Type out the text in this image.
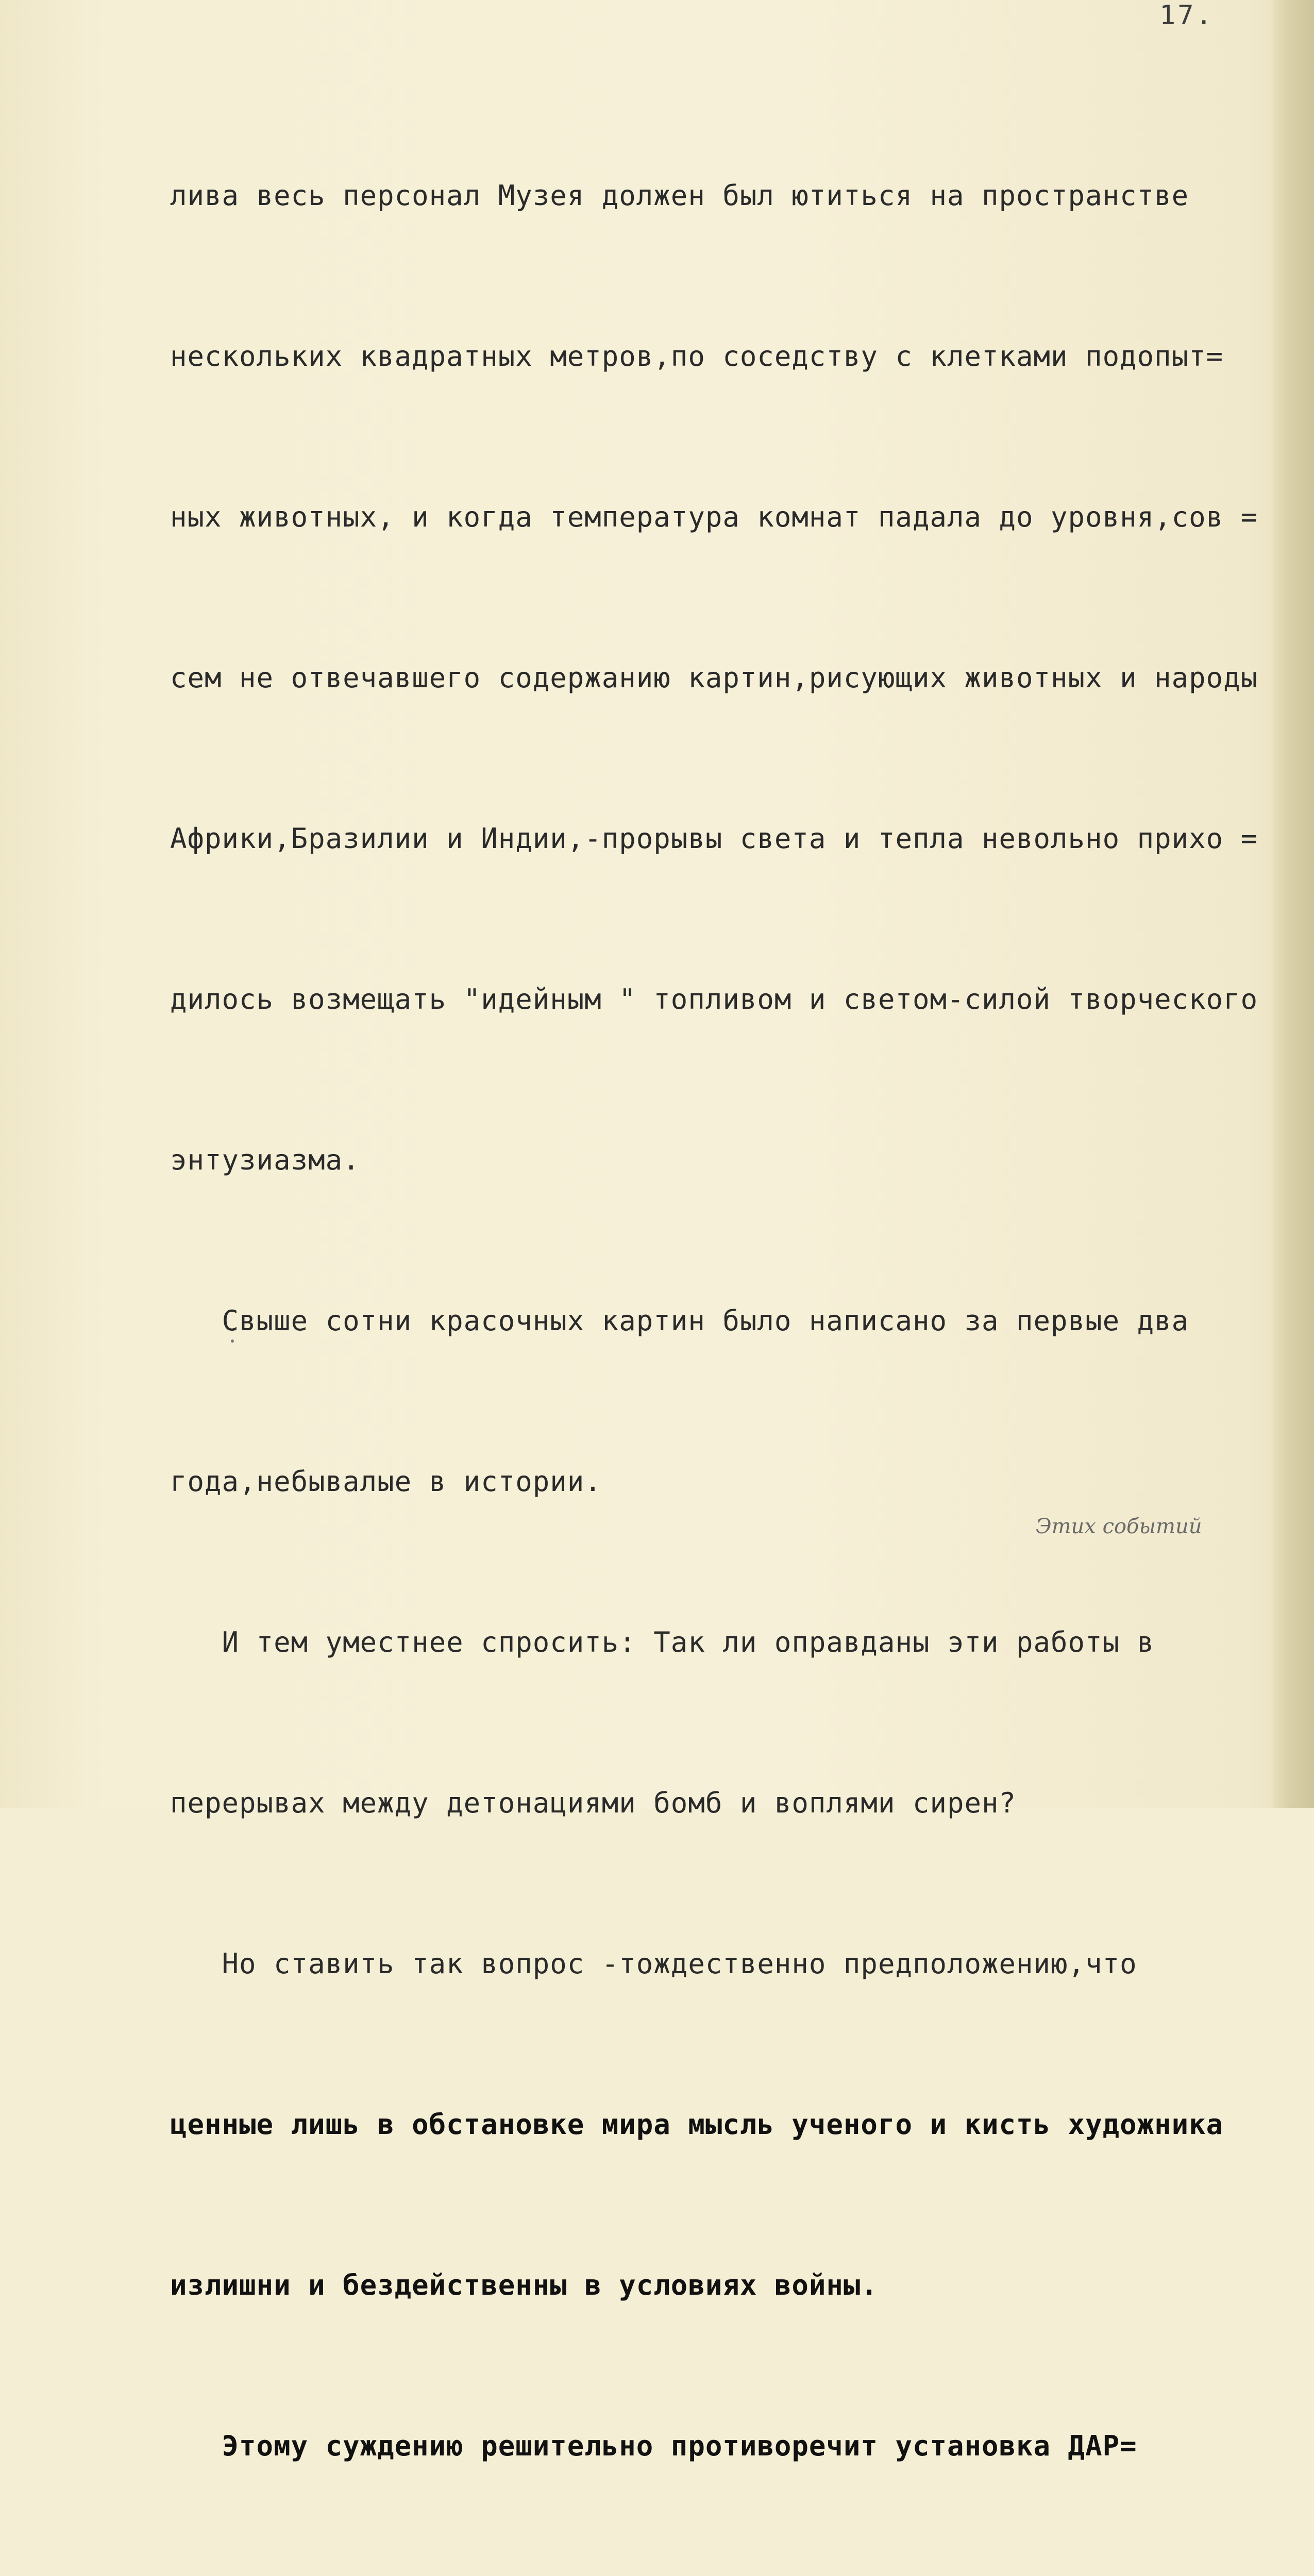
17.

лива весь персонал Музея должен был ютиться на пространстве

нескольких квадратных метров,по соседству с клетками подопыт=

ных животных, и когда температура комнат падала до уровня,сов =

сем не отвечавшего содержанию картин,рисующих животных и народы

Африки,Бразилии и Индии,-прорывы света и тепла невольно прихо =

дилось возмещать "идейным " топливом и светом-силой творческого

энтузиазма.

Свыше сотни красочных картин было написано за первые два

года,небывалые в истории.

И тем уместнее спросить: Так ли оправданы эти работы в

перерывах между детонациями бомб и воплями сирен?

Но ставить так вопрос -тождественно предположению,что

ценные лишь в обстановке мира мысль ученого и кисть художника

излишни и бездейственны в условиях войны.

Этому суждению решительно противоречит установка ДАР=

Этих событий
